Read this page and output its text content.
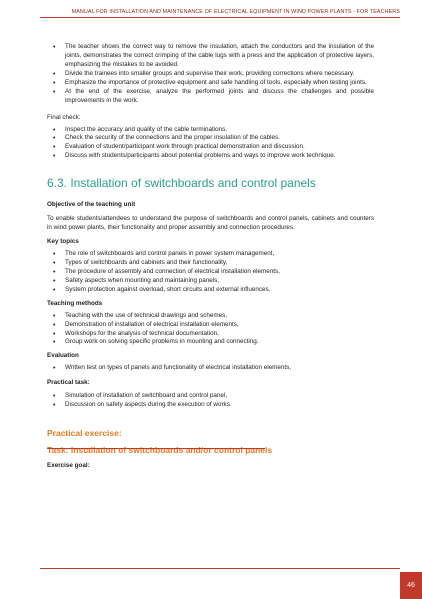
MANUAL FOR INSTALLATION AND MAINTENANCE OF ELECTRICAL EQUIPMENT IN WIND POWER PLANTS - FOR TEACHERS
• The teacher shows the correct way to remove the insulation, attach the conductors and the insulation of the joints, demonstrates the correct crimping of the cable lugs with a press and the application of protective layers, emphasizing the mistakes to be avoided.
• Divide the trainees into smaller groups and supervise their work, providing corrections where necessary.
• Emphasize the importance of protective equipment and safe handling of tools, especially when testing joints.
• At the end of the exercise, analyze the performed joints and discuss the challenges and possible improvements in the work.

Final check:

• Inspect the accuracy and quality of the cable terminations.
• Check the security of the connections and the proper insulation of the cables.
• Evaluation of student/participant work through practical demonstration and discussion.
• Discuss with students/participants about potential problems and ways to improve work technique.
6.3. Installation of switchboards and control panels

Objective of the teaching unit

To enable students/attendees to understand the purpose of switchboards and control panels, cabinets and counters in wind power plants, their functionality and proper assembly and connection procedures.

Key topics

• The role of switchboards and control panels in power system management,
• Types of switchboards and cabinets and their functionality,
• The procedure of assembly and connection of electrical installation elements,
• Safety aspects when mounting and maintaining panels,
• System protection against overload, short circuits and external influences.

Teaching methods

• Teaching with the use of technical drawings and schemes,
• Demonstration of installation of electrical installation elements,
• Workshops for the analysis of technical documentation,
• Group work on solving specific problems in mounting and connecting.

Evaluation

• Written test on types of panels and functionality of electrical installation elements,

Practical task:

• Simulation of installation of switchboard and control panel,
• Discussion on safety aspects during the execution of works.
Practical exercise:
Task: Installation of switchboards and/or control panels

Exercise goal:

46
